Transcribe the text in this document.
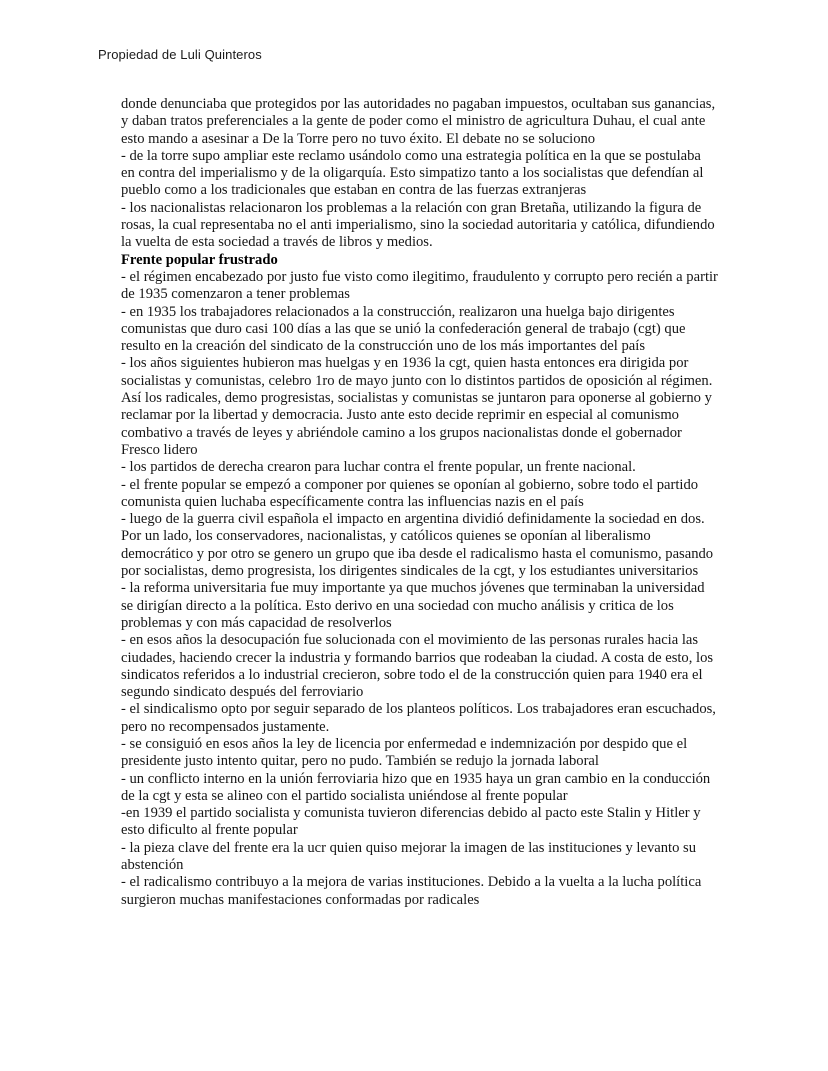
Propiedad de Luli Quinteros
donde denunciaba que protegidos por las autoridades no pagaban impuestos, ocultaban sus ganancias,
y daban tratos preferenciales a la gente de poder como el ministro de agricultura Duhau, el cual ante
esto mando a asesinar a De la Torre pero no tuvo éxito. El debate no se soluciono
- de la torre supo ampliar este reclamo usándolo como una estrategia política en la que se postulaba
en contra del imperialismo y de la oligarquía. Esto simpatizo tanto a los socialistas que defendían al
pueblo como a los tradicionales que estaban en contra de las fuerzas extranjeras
- los nacionalistas relacionaron los problemas a la relación con gran Bretaña, utilizando la figura de
rosas, la cual representaba no el anti imperialismo, sino la sociedad autoritaria y católica, difundiendo
la vuelta de esta sociedad a través de libros y medios.
Frente popular frustrado
- el régimen encabezado por justo fue visto como ilegitimo, fraudulento y corrupto pero recién a partir
de 1935 comenzaron a tener problemas
- en 1935 los trabajadores relacionados a la construcción, realizaron una huelga bajo dirigentes
comunistas que duro casi 100 días a las que se unió la confederación general de trabajo (cgt) que
resulto en la creación del sindicato de la construcción uno de los más importantes del país
- los años siguientes hubieron mas huelgas y en 1936 la cgt, quien hasta entonces era dirigida por
socialistas y comunistas, celebro 1ro de mayo junto con lo distintos partidos de oposición al régimen.
Así los radicales, demo progresistas, socialistas y comunistas se juntaron para oponerse al gobierno y
reclamar por la libertad y democracia. Justo ante esto decide reprimir en especial al comunismo
combativo a través de leyes y abriéndole camino a los grupos nacionalistas donde el gobernador
Fresco lidero
- los partidos de derecha crearon para luchar contra el frente popular, un frente nacional.
- el frente popular se empezó a componer por quienes se oponían al gobierno, sobre todo el partido
comunista quien luchaba específicamente contra las influencias nazis en el país
- luego de la guerra civil española el impacto en argentina dividió definidamente la sociedad en dos.
Por un lado, los conservadores, nacionalistas, y católicos quienes se oponían al liberalismo
democrático y por otro se genero un grupo que iba desde el radicalismo hasta el comunismo, pasando
por socialistas, demo progresista, los dirigentes sindicales de la cgt, y los estudiantes universitarios
- la reforma universitaria fue muy importante ya que muchos jóvenes que terminaban la universidad
se dirigían directo a la política. Esto derivo en una sociedad con mucho análisis y critica de los
problemas y con más capacidad de resolverlos
- en esos años la desocupación fue solucionada con el movimiento de las personas rurales hacia las
ciudades, haciendo crecer la industria y formando barrios que rodeaban la ciudad. A costa de esto, los
sindicatos referidos a lo industrial crecieron, sobre todo el de la construcción quien para 1940 era el
segundo sindicato después del ferroviario
- el sindicalismo opto por seguir separado de los planteos políticos. Los trabajadores eran escuchados,
pero no recompensados justamente.
- se consiguió en esos años la ley de licencia por enfermedad e indemnización por despido que el
presidente justo intento quitar, pero no pudo. También se redujo la jornada laboral
- un conflicto interno en la unión ferroviaria hizo que en 1935 haya un gran cambio en la conducción
de la cgt y esta se alineo con el partido socialista uniéndose al frente popular
-en 1939 el partido socialista y comunista tuvieron diferencias debido al pacto este Stalin y Hitler y
esto dificulto al frente popular
- la pieza clave del frente era la ucr quien quiso mejorar la imagen de las instituciones y levanto su
abstención
- el radicalismo contribuyo a la mejora de varias instituciones. Debido a la vuelta a la lucha política
surgieron muchas manifestaciones conformadas por radicales
